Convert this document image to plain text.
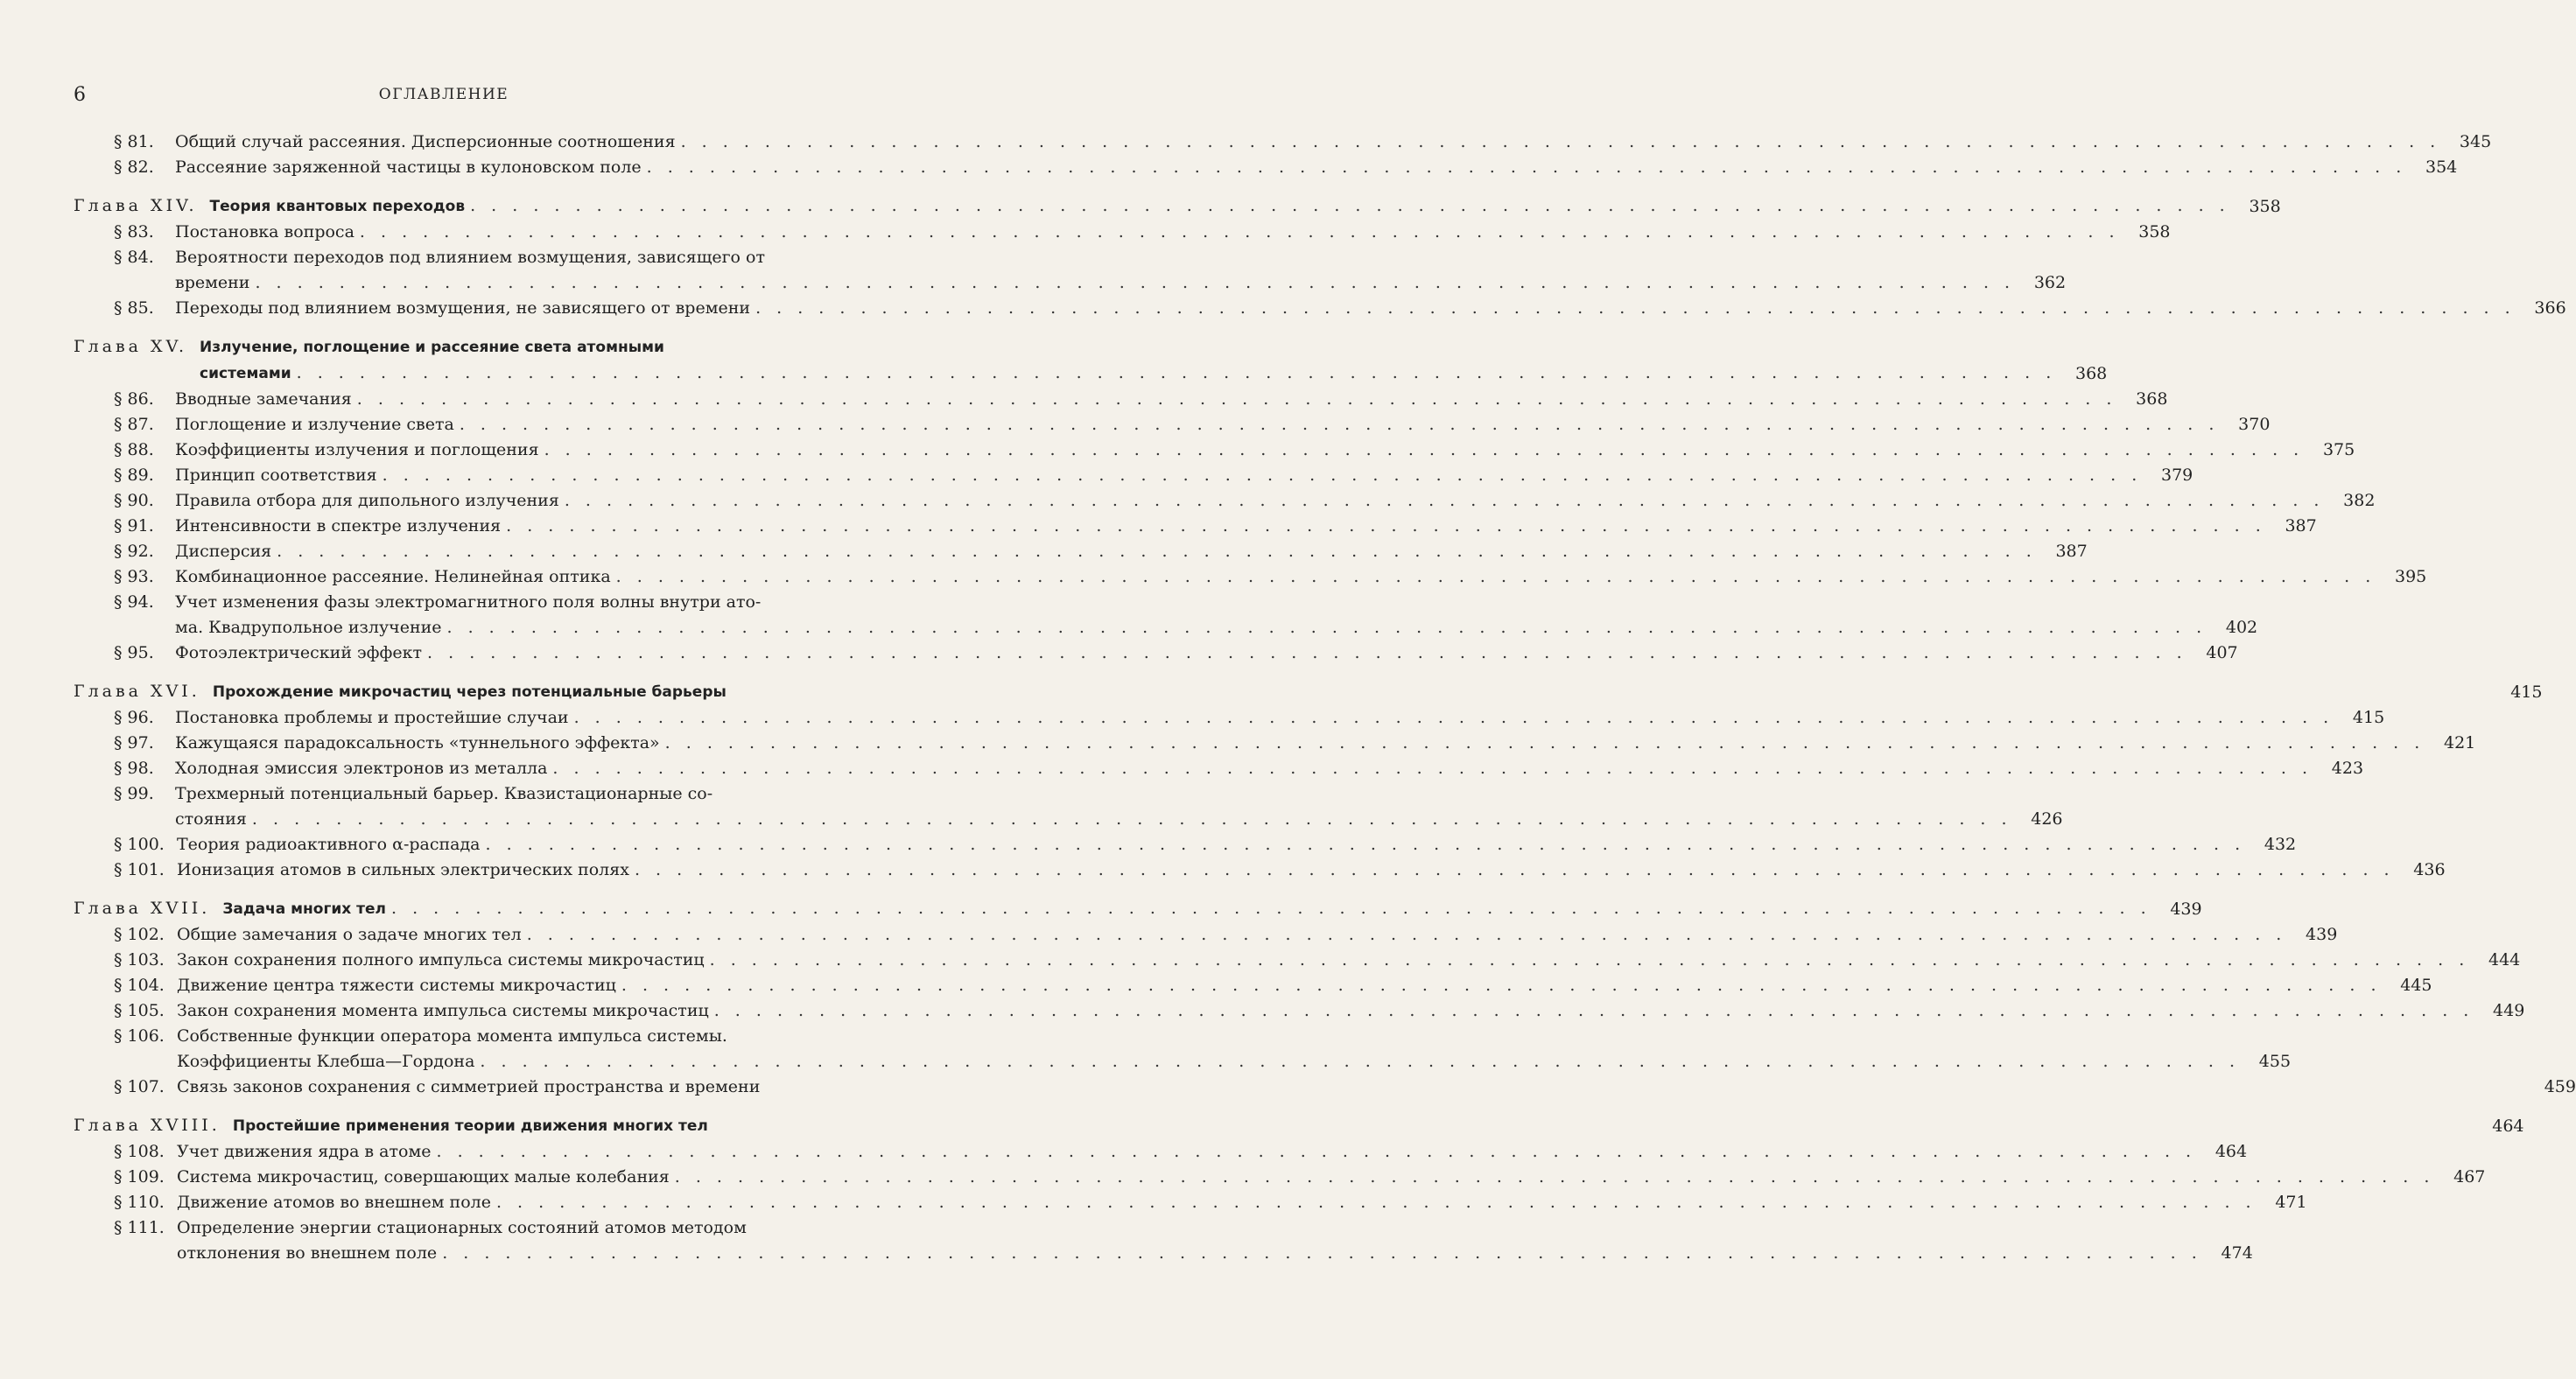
6	ОГЛАВЛЕНИЕ
§ 81.	Общий случай рассеяния. Дисперсионные соотношения . . .	345
§ 82.	Рассеяние заряженной частицы в кулоновском поле . . .	354
Глава XIV. Теория квантовых переходов . . .	358
§ 83.	Постановка вопроса . . .	358
§ 84.	Вероятности переходов под влиянием возмущения, зависящего от
времени . . .	362
§ 85.	Переходы под влиянием возмущения, не зависящего от времени . . .	366
Глава XV. Излучение, поглощение и рассеяние света атомными
системами . . .	368
§ 86.	Вводные замечания . . .	368
§ 87.	Поглощение и излучение света . . .	370
§ 88.	Коэффициенты излучения и поглощения . . .	375
§ 89.	Принцип соответствия . . .	379
§ 90.	Правила отбора для дипольного излучения . . .	382
§ 91.	Интенсивности в спектре излучения . . .	387
§ 92.	Дисперсия . . .	387
§ 93.	Комбинационное рассеяние. Нелинейная оптика . . .	395
§ 94.	Учет изменения фазы электромагнитного поля волны внутри ато-
ма. Квадрупольное излучение . . .	402
§ 95.	Фотоэлектрический эффект . . .	407
Глава XVI. Прохождение микрочастиц через потенциальные барьеры	415
§ 96.	Постановка проблемы и простейшие случаи . . .	415
§ 97.	Кажущаяся парадоксальность «туннельного эффекта» . . .	421
§ 98.	Холодная эмиссия электронов из металла . . .	423
§ 99.	Трехмерный потенциальный барьер. Квазистационарные со-
стояния . . .	426
§ 100. Теория радиоактивного α-распада . . .	432
§ 101. Ионизация атомов в сильных электрических полях . . .	436
Глава XVII. Задача многих тел . . .	439
§ 102. Общие замечания о задаче многих тел . . .	439
§ 103. Закон сохранения полного импульса системы микрочастиц . . .	444
§ 104. Движение центра тяжести системы микрочастиц . . .	445
§ 105. Закон сохранения момента импульса системы микрочастиц . . .	449
§ 106. Собственные функции оператора момента импульса системы.
Коэффициенты Клебша—Гордона . . .	455
§ 107. Связь законов сохранения с симметрией пространства и времени	459
Глава XVIII. Простейшие применения теории движения многих тел	464
§ 108. Учет движения ядра в атоме . . .	464
§ 109. Система микрочастиц, совершающих малые колебания . . .	467
§ 110. Движение атомов во внешнем поле . . .	471
§ 111. Определение энергии стационарных состояний атомов методом
отклонения во внешнем поле . . .	474
